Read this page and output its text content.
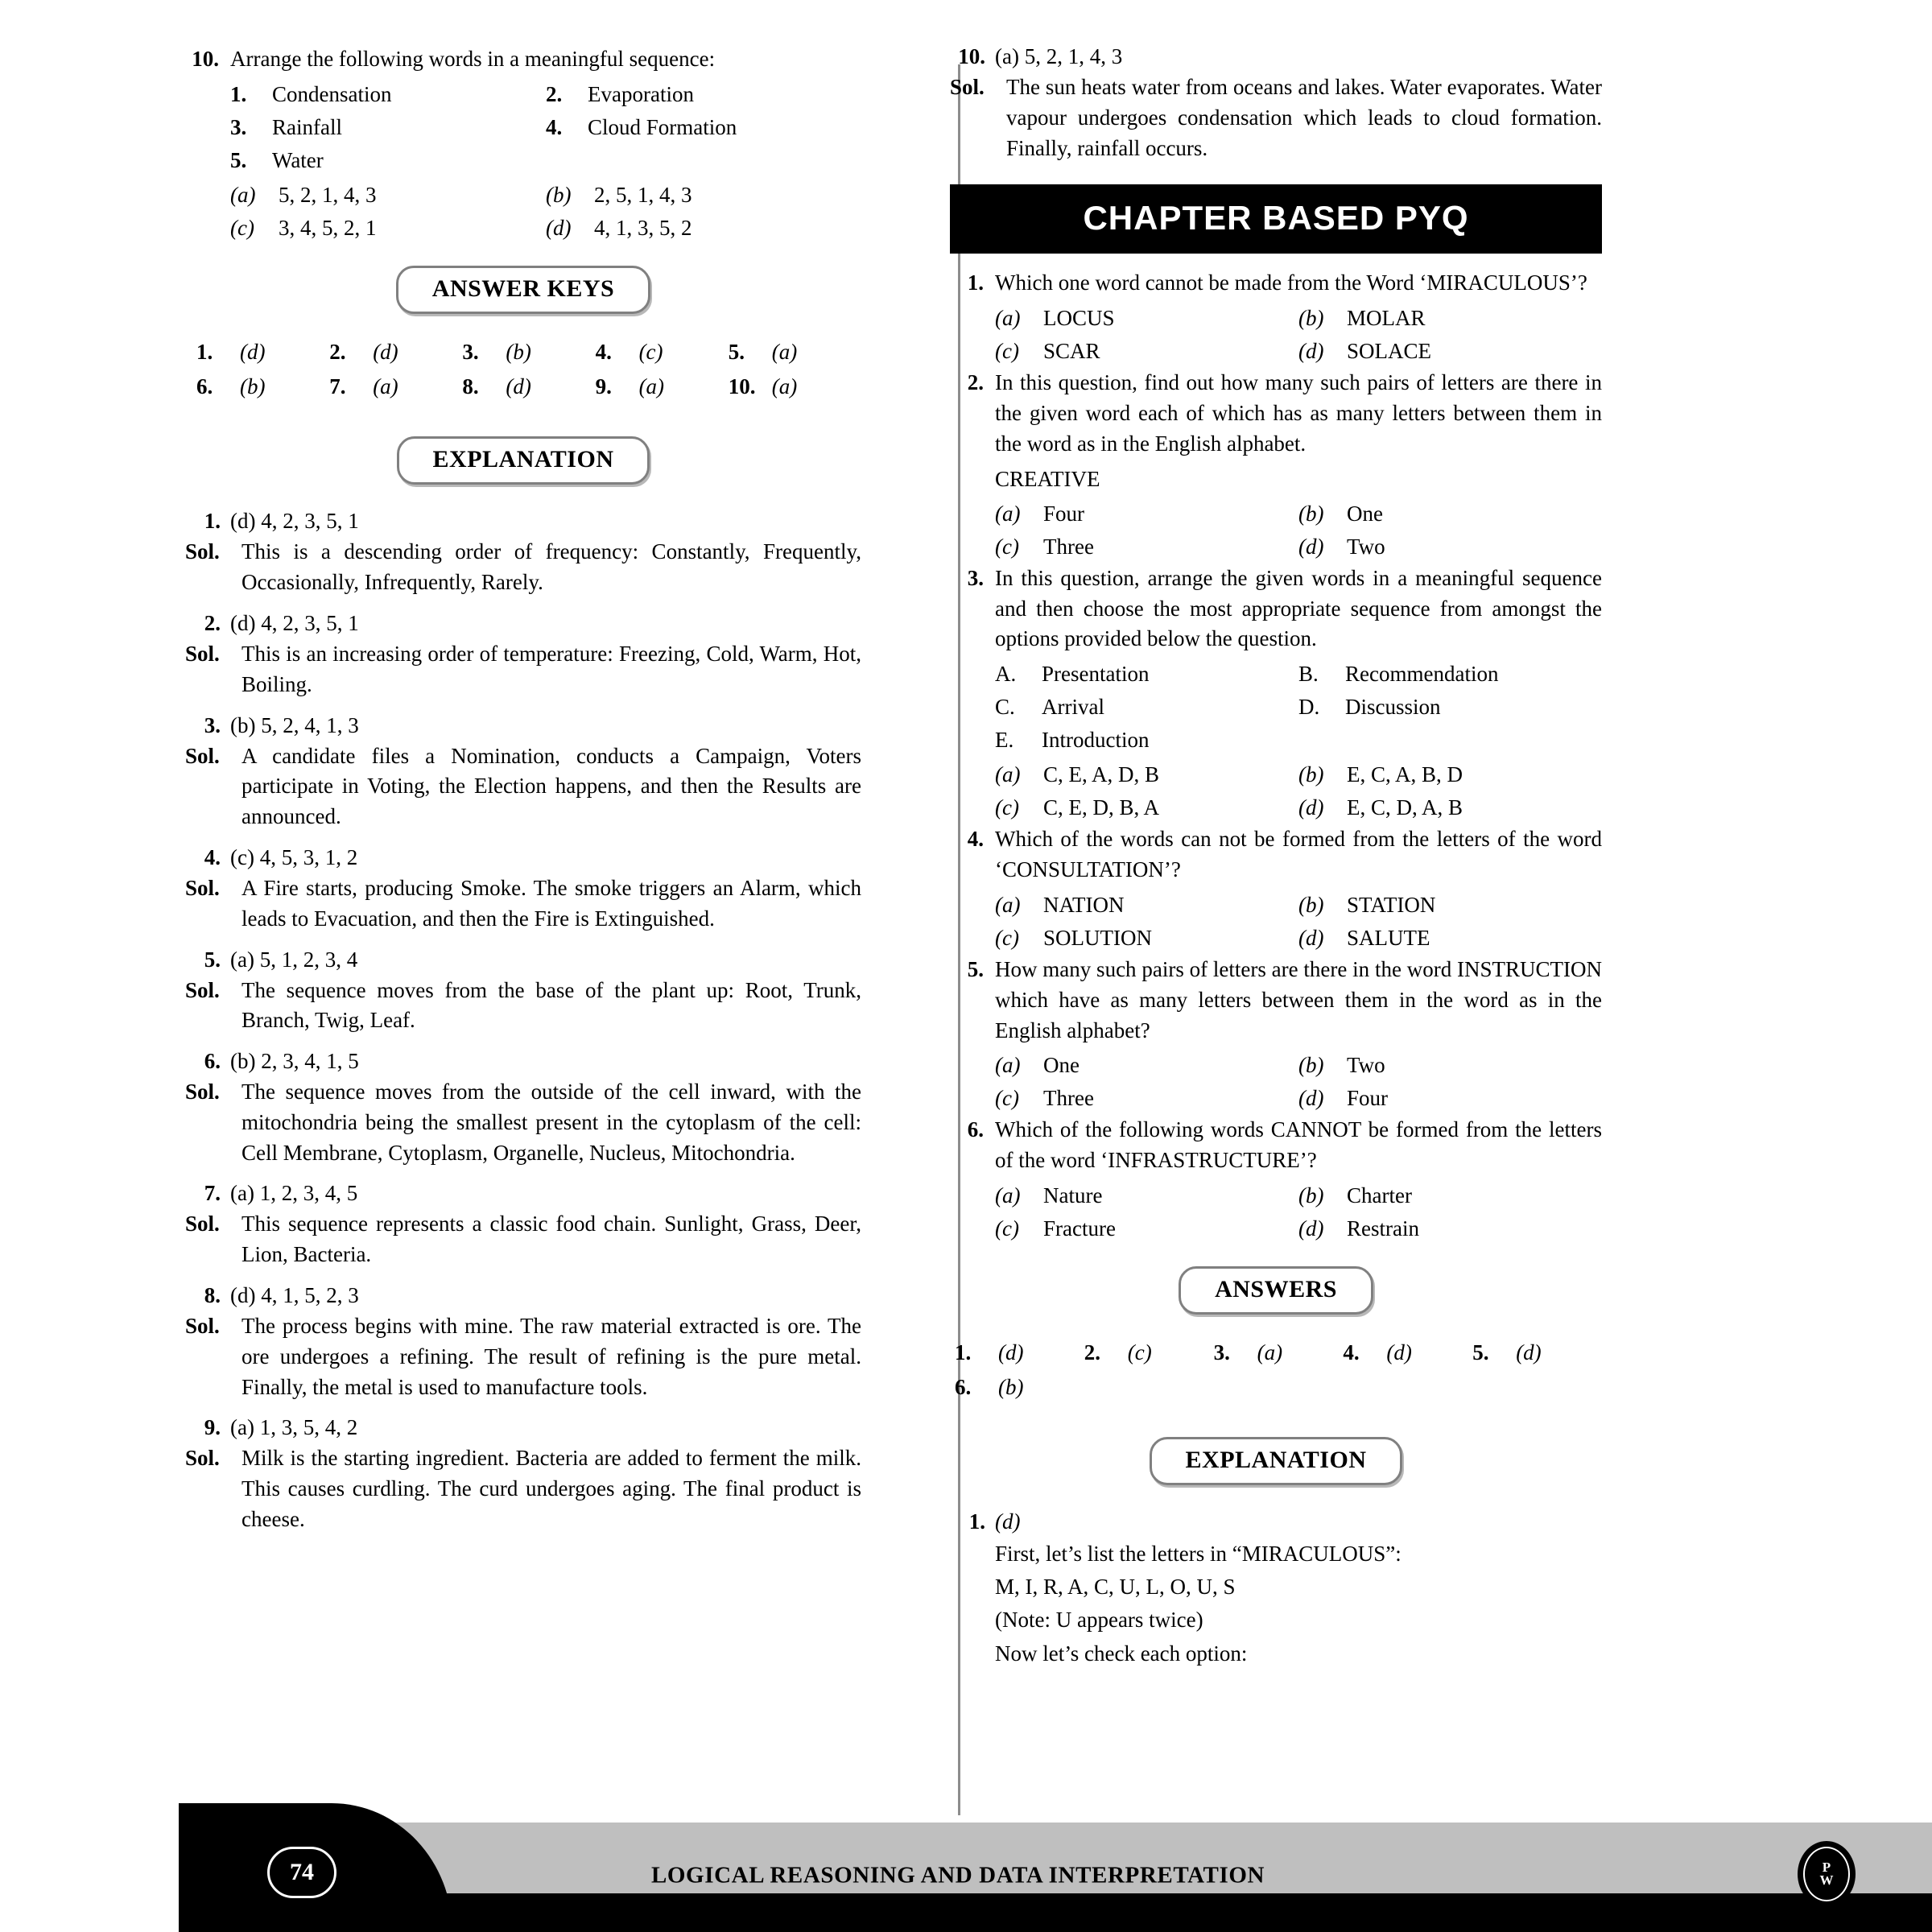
10. Arrange the following words in a meaningful sequence:
1.	Condensation	2.	Evaporation
3.	Rainfall	4.	Cloud Formation
5.	Water
(a)	5, 2, 1, 4, 3	(b)	2, 5, 1, 4, 3
(c)	3, 4, 5, 2, 1	(d)	4, 1, 3, 5, 2
ANSWER KEYS
1.	(d)	2.	(d)	3.	(b)	4.	(c)	5.	(a)
6.	(b)	7.	(a)	8.	(d)	9.	(a)	10. (a)
EXPLANATION
1. (d) 4, 2, 3, 5, 1
Sol.	This is a descending order of frequency: Constantly, Frequently, Occasionally, Infrequently, Rarely.
2. (d) 4, 2, 3, 5, 1
Sol.	This is an increasing order of temperature: Freezing, Cold, Warm, Hot, Boiling.
3. (b) 5, 2, 4, 1, 3
Sol.	A candidate files a Nomination, conducts a Campaign, Voters participate in Voting, the Election happens, and then the Results are announced.
4. (c) 4, 5, 3, 1, 2
Sol.	A Fire starts, producing Smoke. The smoke triggers an Alarm, which leads to Evacuation, and then the Fire is Extinguished.
5. (a) 5, 1, 2, 3, 4
Sol.	The sequence moves from the base of the plant up: Root, Trunk, Branch, Twig, Leaf.
6. (b) 2, 3, 4, 1, 5
Sol.	The sequence moves from the outside of the cell inward, with the mitochondria being the smallest present in the cytoplasm of the cell: Cell Membrane, Cytoplasm, Organelle, Nucleus, Mitochondria.
7. (a) 1, 2, 3, 4, 5
Sol.	This sequence represents a classic food chain. Sunlight, Grass, Deer, Lion, Bacteria.
8. (d) 4, 1, 5, 2, 3
Sol.	The process begins with mine. The raw material extracted is ore. The ore undergoes a refining. The result of refining is the pure metal. Finally, the metal is used to manufacture tools.
9. (a) 1, 3, 5, 4, 2
Sol.	Milk is the starting ingredient. Bacteria are added to ferment the milk. This causes curdling. The curd undergoes aging. The final product is cheese.
10. (a) 5, 2, 1, 4, 3
Sol.	The sun heats water from oceans and lakes. Water evaporates. Water vapour undergoes condensation which leads to cloud formation. Finally, rainfall occurs.
CHAPTER BASED PYQ
1. Which one word cannot be made from the Word ‘MIRACULOUS’?
(a)	LOCUS	(b)	MOLAR
(c)	SCAR	(d)	SOLACE
2. In this question, find out how many such pairs of letters are there in the given word each of which has as many letters between them in the word as in the English alphabet.
CREATIVE
(a)	Four	(b)	One
(c)	Three	(d)	Two
3. In this question, arrange the given words in a meaningful sequence and then choose the most appropriate sequence from amongst the options provided below the question.
A.	Presentation	B.	Recommendation
C.	Arrival	D.	Discussion
E.	Introduction
(a)	C, E, A, D, B	(b)	E, C, A, B, D
(c)	C, E, D, B, A	(d)	E, C, D, A, B
4. Which of the words can not be formed from the letters of the word ‘CONSULTATION’?
(a)	NATION	(b)	STATION
(c)	SOLUTION	(d)	SALUTE
5. How many such pairs of letters are there in the word INSTRUCTION which have as many letters between them in the word as in the English alphabet?
(a)	One	(b)	Two
(c)	Three	(d)	Four
6. Which of the following words CANNOT be formed from the letters of the word ‘INFRASTRUCTURE’?
(a)	Nature	(b)	Charter
(c)	Fracture	(d)	Restrain
ANSWERS
1.	(d)	2.	(c)	3.	(a)	4.	(d)	5.	(d)
6.	(b)
EXPLANATION
1. (d)
First, let’s list the letters in “MIRACULOUS”:
M, I, R, A, C, U, L, O, U, S
(Note: U appears twice)
Now let’s check each option:
74	LOGICAL REASONING AND DATA INTERPRETATION	P
W
